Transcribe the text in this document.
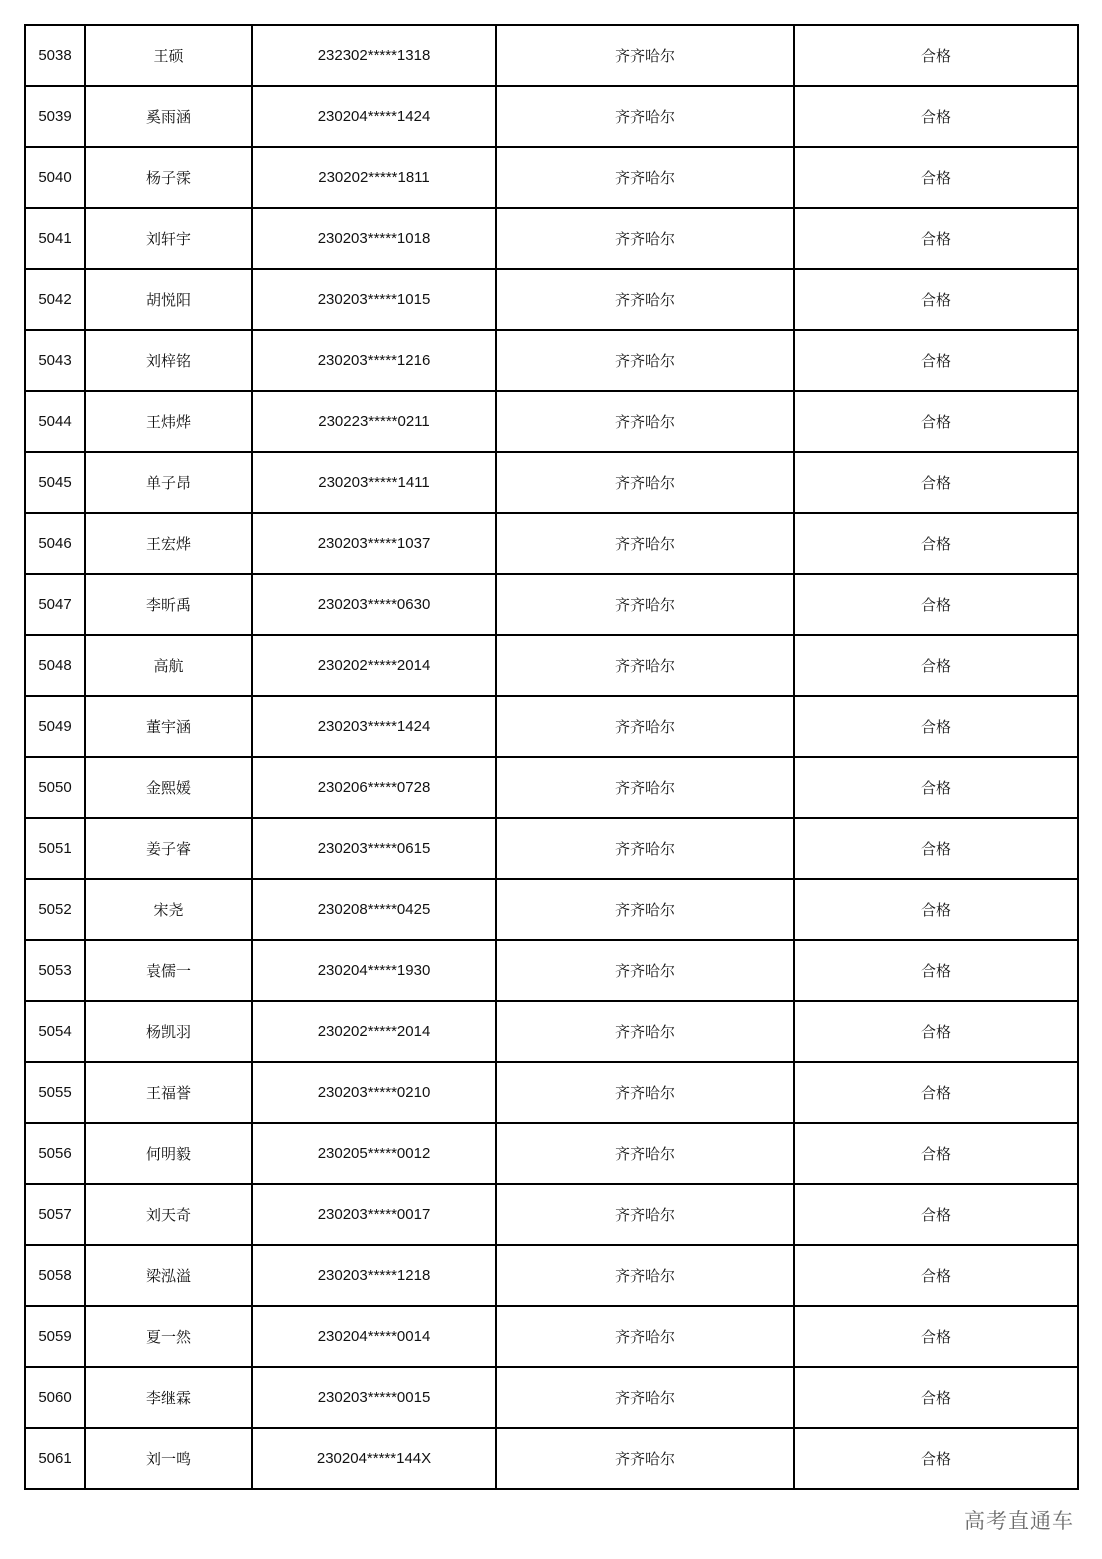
5038	王硕	232302*****1318	齐齐哈尔	合格
5039	奚雨涵	230204*****1424	齐齐哈尔	合格
5040	杨子霂	230202*****1811	齐齐哈尔	合格
5041	刘轩宇	230203*****1018	齐齐哈尔	合格
5042	胡悦阳	230203*****1015	齐齐哈尔	合格
5043	刘梓铭	230203*****1216	齐齐哈尔	合格
5044	王炜烨	230223*****0211	齐齐哈尔	合格
5045	单子昂	230203*****1411	齐齐哈尔	合格
5046	王宏烨	230203*****1037	齐齐哈尔	合格
5047	李昕禹	230203*****0630	齐齐哈尔	合格
5048	高航	230202*****2014	齐齐哈尔	合格
5049	董宇涵	230203*****1424	齐齐哈尔	合格
5050	金熙媛	230206*****0728	齐齐哈尔	合格
5051	姜子睿	230203*****0615	齐齐哈尔	合格
5052	宋尧	230208*****0425	齐齐哈尔	合格
5053	袁儒一	230204*****1930	齐齐哈尔	合格
5054	杨凯羽	230202*****2014	齐齐哈尔	合格
5055	王福誉	230203*****0210	齐齐哈尔	合格
5056	何明毅	230205*****0012	齐齐哈尔	合格
5057	刘天奇	230203*****0017	齐齐哈尔	合格
5058	梁泓溢	230203*****1218	齐齐哈尔	合格
5059	夏一然	230204*****0014	齐齐哈尔	合格
5060	李继霖	230203*****0015	齐齐哈尔	合格
5061	刘一鸣	230204*****144X	齐齐哈尔	合格
高考直通车
